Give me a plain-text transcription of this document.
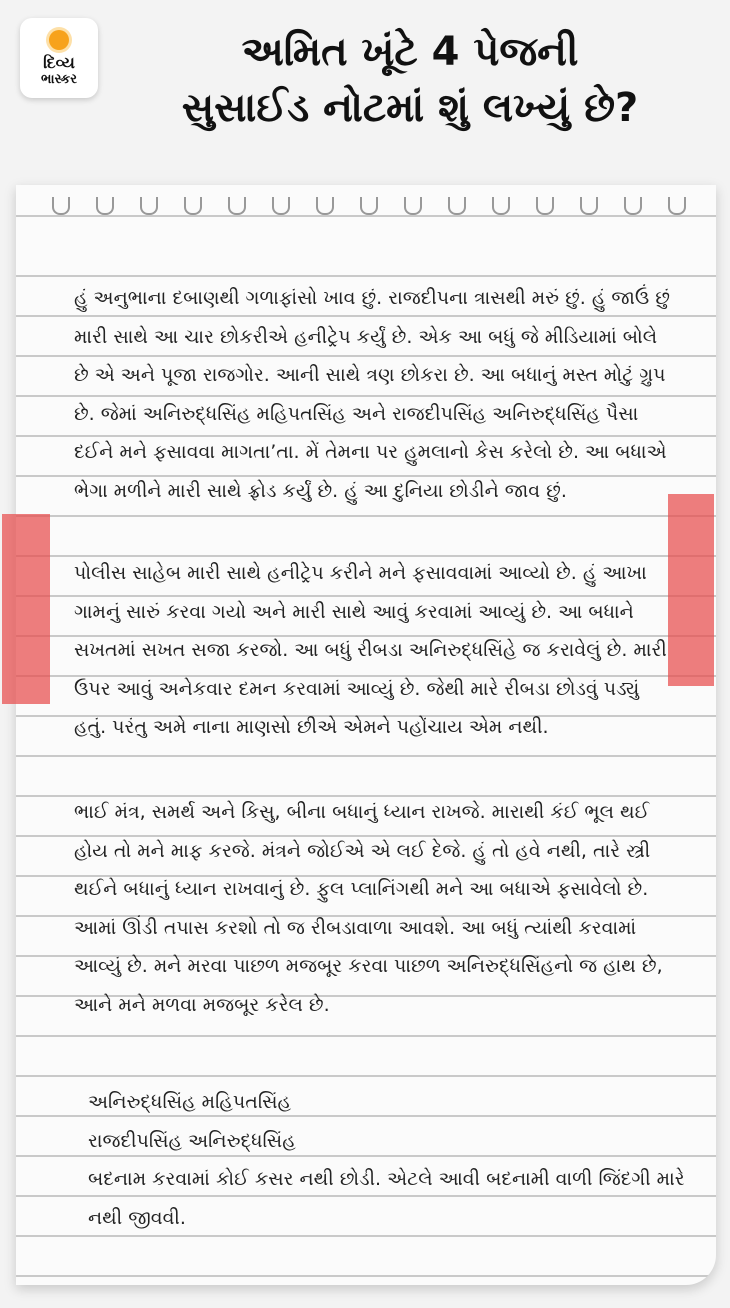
દિવ્ય
ભાસ્કર
અમિત ખૂંટે 4 પેજની
સુસાઈડ નોટમાં શું લખ્યું છે?

હું અનુભાના દબાણથી ગળાફાંસો ખાવ છું. રાજદીપના ત્રાસથી મરું છું. હું જાઉં છું મારી સાથે આ ચાર છોકરીએ હનીટ્રેપ કર્યું છે. એક આ બધું જે મીડિયામાં બોલે છે એ અને પૂજા રાજગોર. આની સાથે ત્રણ છોકરા છે. આ બધાનું મસ્ત મોટું ગ્રુપ છે. જેમાં અનિરુદ્ધસિંહ મહિપતસિંહ અને રાજદીપસિંહ અનિરુદ્ધસિંહ પૈસા દઈને મને ફસાવવા માગતા’તા. મેં તેમના પર હુમલાનો કેસ કરેલો છે. આ બધાએ ભેગા મળીને મારી સાથે ફ્રોડ કર્યું છે. હું આ દુનિયા છોડીને જાવ છું.

પોલીસ સાહેબ મારી સાથે હનીટ્રેપ કરીને મને ફસાવવામાં આવ્યો છે. હું આખા ગામનું સારું કરવા ગયો અને મારી સાથે આવું કરવામાં આવ્યું છે. આ બધાને સખતમાં સખત સજા કરજો. આ બધું રીબડા અનિરુદ્ધસિંહે જ કરાવેલું છે. મારી ઉપર આવું અનેકવાર દમન કરવામાં આવ્યું છે. જેથી મારે રીબડા છોડવું પડ્યું હતું. પરંતુ અમે નાના માણસો છીએ એમને પહોંચાય એમ નથી.

ભાઈ મંત્ર, સમર્થ અને કિસુ, બીના બધાનું ધ્યાન રાખજે. મારાથી કંઈ ભૂલ થઈ હોય તો મને માફ કરજે. મંત્રને જોઈએ એ લઈ દેજે. હું તો હવે નથી, તારે સ્ત્રી થઈને બધાનું ધ્યાન રાખવાનું છે. ફુલ પ્લાનિંગથી મને આ બધાએ ફસાવેલો છે. આમાં ઊંડી તપાસ કરશો તો જ રીબડાવાળા આવશે. આ બધું ત્યાંથી કરવામાં આવ્યું છે. મને મરવા પાછળ મજબૂર કરવા પાછળ અનિરુદ્ધસિંહનો જ હાથ છે, આને મને મળવા મજબૂર કરેલ છે.

અનિરુદ્ધસિંહ મહિપતસિંહ

રાજદીપસિંહ અનિરુદ્ધસિંહ

બદનામ કરવામાં કોઈ કસર નથી છોડી. એટલે આવી બદનામી વાળી જિંદગી મારે નથી જીવવી.
